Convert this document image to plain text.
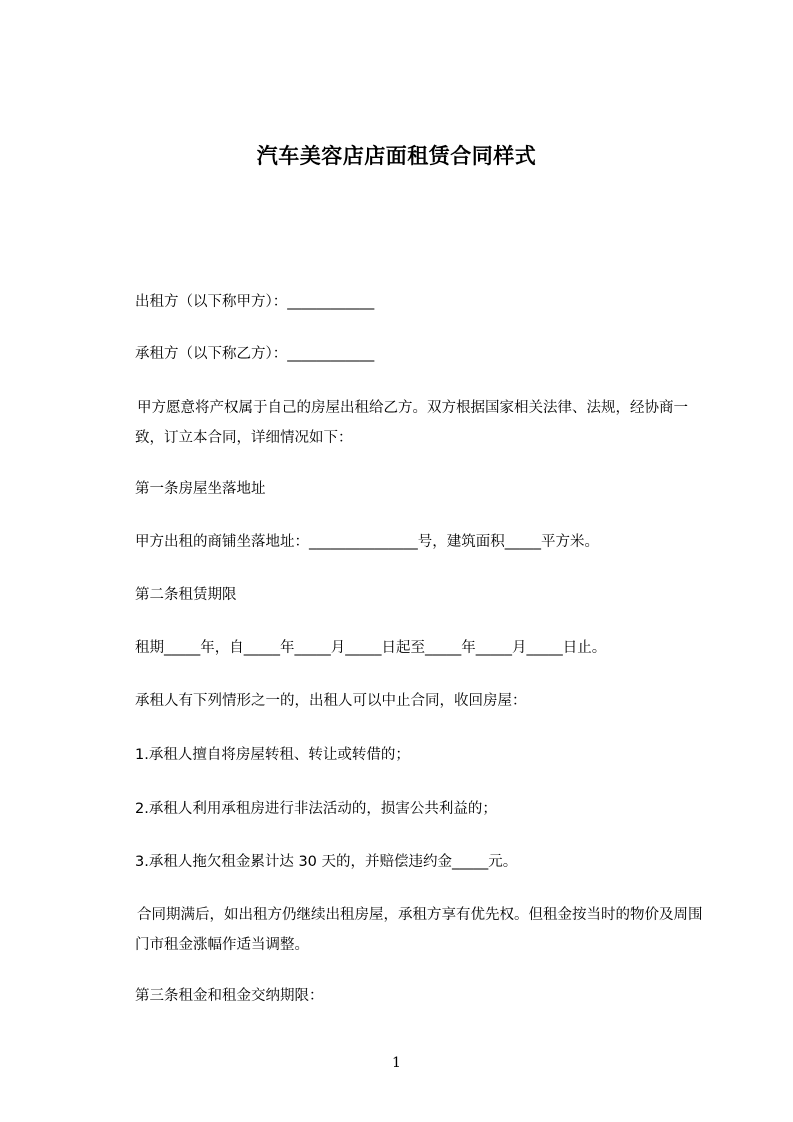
汽车美容店店面租赁合同样式

出租方（以下称甲方）：____________

承租方（以下称乙方）：____________

甲方愿意将产权属于自己的房屋出租给乙方。双方根据国家相关法律、法规，经协商一致，订立本合同，详细情况如下：

第一条房屋坐落地址

甲方出租的商铺坐落地址：_______________号，建筑面积_____平方米。

第二条租赁期限

租期_____年，自_____年_____月_____日起至_____年_____月_____日止。

承租人有下列情形之一的，出租人可以中止合同，收回房屋：

1.承租人擅自将房屋转租、转让或转借的；

2.承租人利用承租房进行非法活动的，损害公共利益的；

3.承租人拖欠租金累计达 30 天的，并赔偿违约金_____元。

合同期满后，如出租方仍继续出租房屋，承租方享有优先权。但租金按当时的物价及周围门市租金涨幅作适当调整。

第三条租金和租金交纳期限：

1
